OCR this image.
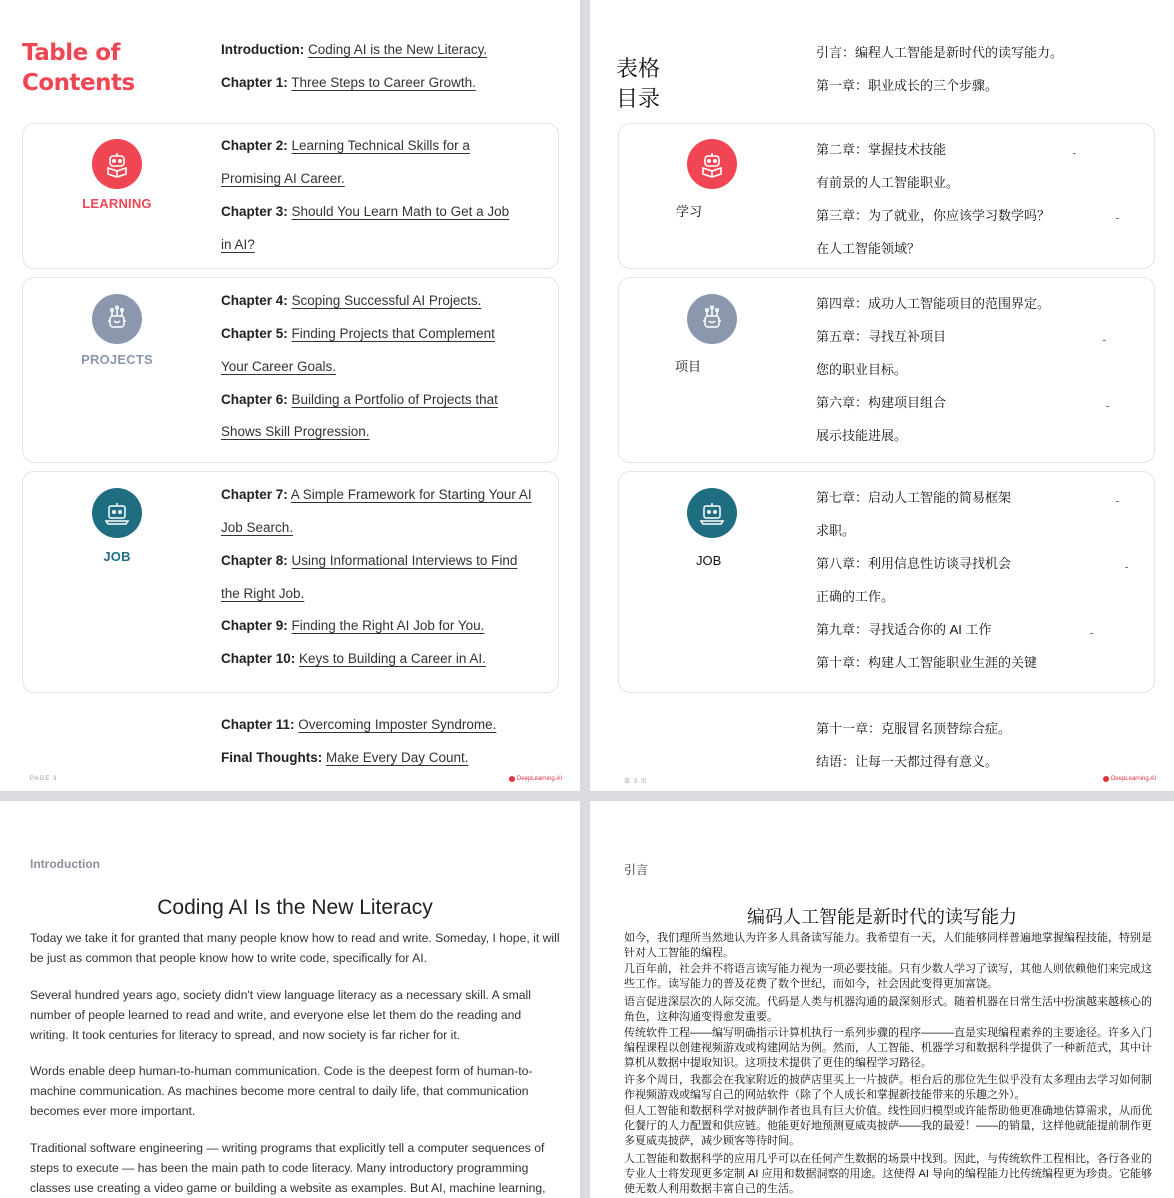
Table of
Contents
LEARNING
PROJECTS
JOB
Introduction: Coding AI is the New Literacy.
Chapter 1: Three Steps to Career Growth.
Chapter 2: Learning Technical Skills for a
Promising AI Career.
Chapter 3: Should You Learn Math to Get a Job
in AI?
Chapter 4: Scoping Successful AI Projects.
Chapter 5: Finding Projects that Complement
Your Career Goals.
Chapter 6: Building a Portfolio of Projects that
Shows Skill Progression.
Chapter 7: A Simple Framework for Starting Your AI
Job Search.
Chapter 8: Using Informational Interviews to Find
the Right Job.
Chapter 9: Finding the Right AI Job for You.
Chapter 10: Keys to Building a Career in AI.
Chapter 11: Overcoming Imposter Syndrome.
Final Thoughts: Make Every Day Count.
PAGE 3	DeepLearning.AI
表格
目录
学习
项目
JOB
引言：编程人工智能是新时代的读写能力。
第一章：职业成长的三个步骤。
第二章：掌握技术技能
有前景的人工智能职业。
第三章：为了就业，你应该学习数学吗？
在人工智能领域？
第四章：成功人工智能项目的范围界定。
第五章：寻找互补项目
您的职业目标。
第六章：构建项目组合
展示技能进展。
第七章：启动人工智能的简易框架
求职。
第八章：利用信息性访谈寻找机会
正确的工作。
第九章：寻找适合你的 AI 工作
第十章：构建人工智能职业生涯的关键
第十一章：克服冒名顶替综合症。
结语：让每一天都过得有意义。
第 3 页	DeepLearning.AI
Introduction
Coding AI Is the New Literacy

Today we take it for granted that many people know how to read and write. Someday, I hope, it will be just as common that people know how to write code, specifically for AI.

Several hundred years ago, society didn't view language literacy as a necessary skill. A small number of people learned to read and write, and everyone else let them do the reading and writing. It took centuries for literacy to spread, and now society is far richer for it.

Words enable deep human-to-human communication. Code is the deepest form of human-to-machine communication. As machines become more central to daily life, that communication becomes ever more important.

Traditional software engineering — writing programs that explicitly tell a computer sequences of steps to execute — has been the main path to code literacy. Many introductory programming classes use creating a video game or building a website as examples. But AI, machine learning,

引言
编码人工智能是新时代的读写能力

如今，我们理所当然地认为许多人具备读写能力。我希望有一天，人们能够同样普遍地掌握编程技能，特别是针对人工智能的编程。

几百年前，社会并不将语言读写能力视为一项必要技能。只有少数人学习了读写，其他人则依赖他们来完成这些工作。读写能力的普及花费了数个世纪，而如今，社会因此变得更加富饶。

语言促进深层次的人际交流。代码是人类与机器沟通的最深刻形式。随着机器在日常生活中扮演越来越核心的角色，这种沟通变得愈发重要。

传统软件工程——编写明确指示计算机执行一系列步骤的程序———直是实现编程素养的主要途径。许多入门编程课程以创建视频游戏或构建网站为例。然而，人工智能、机器学习和数据科学提供了一种新范式，其中计算机从数据中提取知识。这项技术提供了更佳的编程学习路径。

许多个周日，我都会在我家附近的披萨店里买上一片披萨。柜台后的那位先生似乎没有太多理由去学习如何制作视频游戏或编写自己的网站软件（除了个人成长和掌握新技能带来的乐趣之外）。

但人工智能和数据科学对披萨制作者也具有巨大价值。线性回归模型或许能帮助他更准确地估算需求，从而优化餐厅的人力配置和供应链。他能更好地预测夏威夷披萨——我的最爱！——的销量，这样他就能提前制作更多夏威夷披萨，减少顾客等待时间。

人工智能和数据科学的应用几乎可以在任何产生数据的场景中找到。因此，与传统软件工程相比，各行各业的专业人士将发现更多定制 AI 应用和数据洞察的用途。这使得 AI 导向的编程能力比传统编程更为珍贵。它能够使无数人利用数据丰富自己的生活。
